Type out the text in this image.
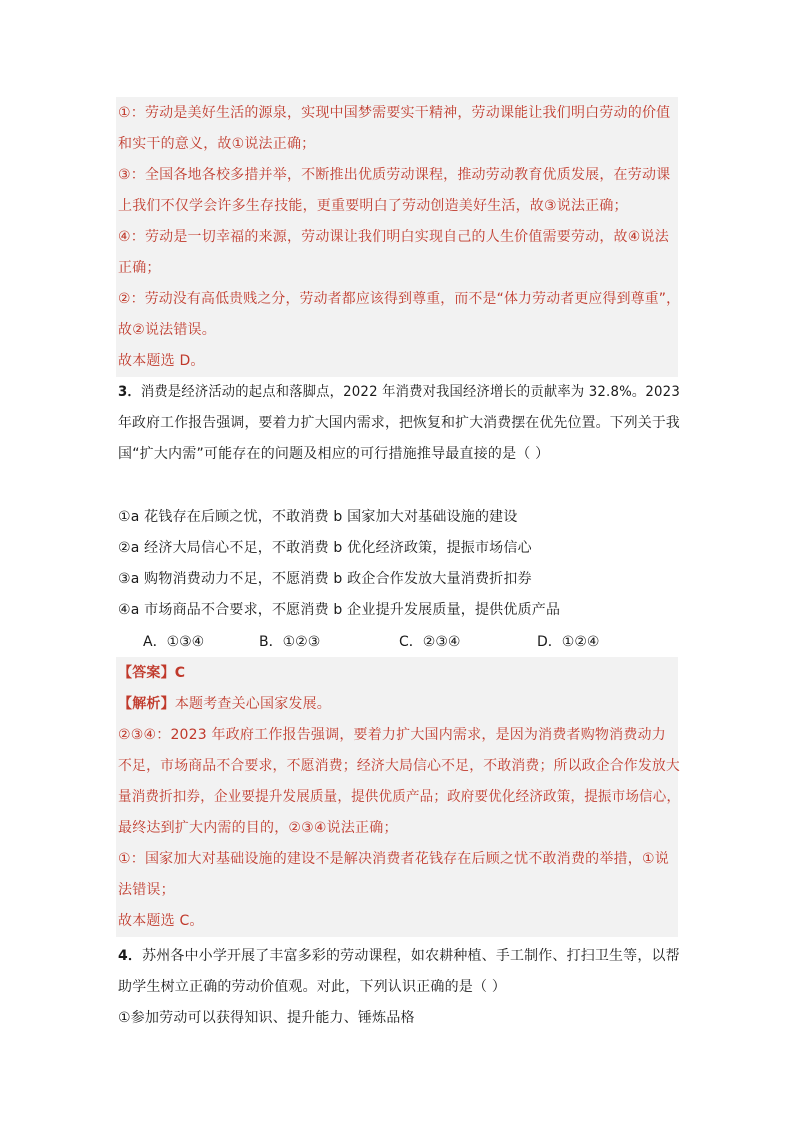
①：劳动是美好生活的源泉，实现中国梦需要实干精神，劳动课能让我们明白劳动的价值
和实干的意义，故①说法正确；
③：全国各地各校多措并举，不断推出优质劳动课程，推动劳动教育优质发展，在劳动课
上我们不仅学会许多生存技能，更重要明白了劳动创造美好生活，故③说法正确；
④：劳动是一切幸福的来源，劳动课让我们明白实现自己的人生价值需要劳动，故④说法
正确；
②：劳动没有高低贵贱之分，劳动者都应该得到尊重，而不是“体力劳动者更应得到尊重”，
故②说法错误。
故本题选 D。
3．消费是经济活动的起点和落脚点，2022 年消费对我国经济增长的贡献率为 32.8%。2023
年政府工作报告强调，要着力扩大国内需求，把恢复和扩大消费摆在优先位置。下列关于我
国“扩大内需”可能存在的问题及相应的可行措施推导最直接的是（ ）
①a 花钱存在后顾之忧，不敢消费 b 国家加大对基础设施的建设
②a 经济大局信心不足，不敢消费 b 优化经济政策，提振市场信心
③a 购物消费动力不足，不愿消费 b 政企合作发放大量消费折扣券
④a 市场商品不合要求，不愿消费 b 企业提升发展质量，提供优质产品
A．①③④	B．①②③	C．②③④	D．①②④
【答案】C
【解析】本题考查关心国家发展。
②③④：2023 年政府工作报告强调，要着力扩大国内需求，是因为消费者购物消费动力
不足，市场商品不合要求，不愿消费；经济大局信心不足，不敢消费；所以政企合作发放大
量消费折扣券，企业要提升发展质量，提供优质产品；政府要优化经济政策，提振市场信心，
最终达到扩大内需的目的，②③④说法正确；
①：国家加大对基础设施的建设不是解决消费者花钱存在后顾之忧不敢消费的举措，①说
法错误；
故本题选 C。
4．苏州各中小学开展了丰富多彩的劳动课程，如农耕种植、手工制作、打扫卫生等，以帮
助学生树立正确的劳动价值观。对此，下列认识正确的是（ ）
①参加劳动可以获得知识、提升能力、锤炼品格
